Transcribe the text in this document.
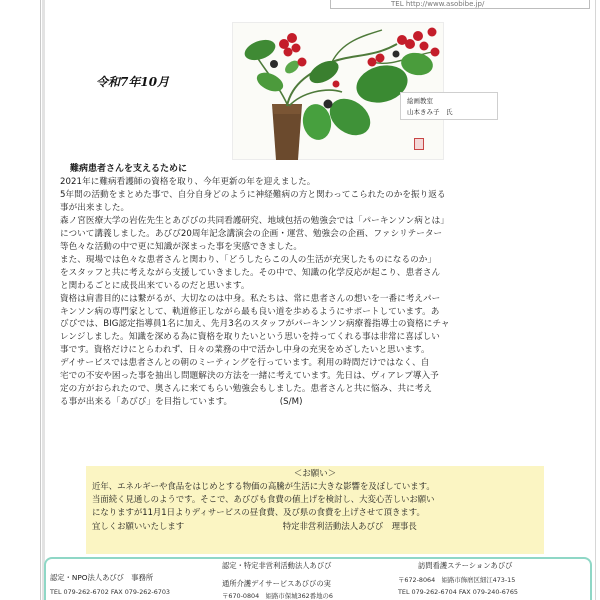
TEL http://www.asobibe.jp/
令和7年10月
絵画教室
山本きみ子　氏
難病患者さんを支えるために
2021年に難病看護師の資格を取り、今年更新の年を迎えました。
5年間の活動をまとめた事で、自分自身どのように神経難病の方と関わってこられたのかを振り返る
事が出来ました。
森ノ宮医療大学の岩佐先生とあびびの共同看護研究、地域包括の勉強会では「パーキンソン病とは」
について講義しました。あびび20周年記念講演会の企画・運営、勉強会の企画、ファシリテーター
等色々な活動の中で更に知識が深まった事を実感できました。
また、現場では色々な患者さんと関わり、「どうしたらこの人の生活が充実したものになるのか」
をスタッフと共に考えながら支援していきました。その中で、知識の化学反応が起こり、患者さん
と関わるごとに成長出来ているのだと思います。
資格は肩書目的には繋がるが、大切なのは中身。私たちは、常に患者さんの想いを一番に考えパー
キンソン病の専門家として、軌道修正しながら最も良い道を歩めるようにサポートしています。あ
びびでは、BIG認定指導員1名に加え、先月3名のスタッフがパーキンソン病療養指導士の資格にチャ
レンジしました。知識を深める為に資格を取りたいという思いを持ってくれる事は非常に喜ばしい
事です。資格だけにとらわれず、日々の業務の中で活かし中身の充実をめざしたいと思います。
デイサービスでは患者さんとの朝のミーティングを行っています。利用の時間だけではなく、自
宅での不安や困った事を抽出し問題解決の方法を一緒に考えています。先日は、ヴィアレプ導入予
定の方がおられたので、奥さんに来てもらい勉強会もしました。患者さんと共に悩み、共に考え
る事が出来る「あびび」を目指しています。　　　　　　(S/M)
＜お願い＞
近年、エネルギーや食品をはじめとする物価の高騰が生活に大きな影響を及ぼしています。
当面続く見通しのようです。そこで、あびびも食費の値上げを検討し、大変心苦しいお願い
になりますが11月1日よりディサービスの昼食費、及び県の食費を上げさせて頂きます。
宜しくお願いいたします	特定非営利活動法人あびび　理事長
認定・特定非営利活動法人あびび
認定・NPO法人あびび　事務所
TEL 079-262-6702 FAX 079-262-6703
通所介護デイサービスあびびの実
〒670-0804　姫路市保城362番地の6
訪問看護ステーションあびび
〒672-8064　姫路市飾磨区細江473-15
TEL 079-262-6704 FAX 079-240-6765
